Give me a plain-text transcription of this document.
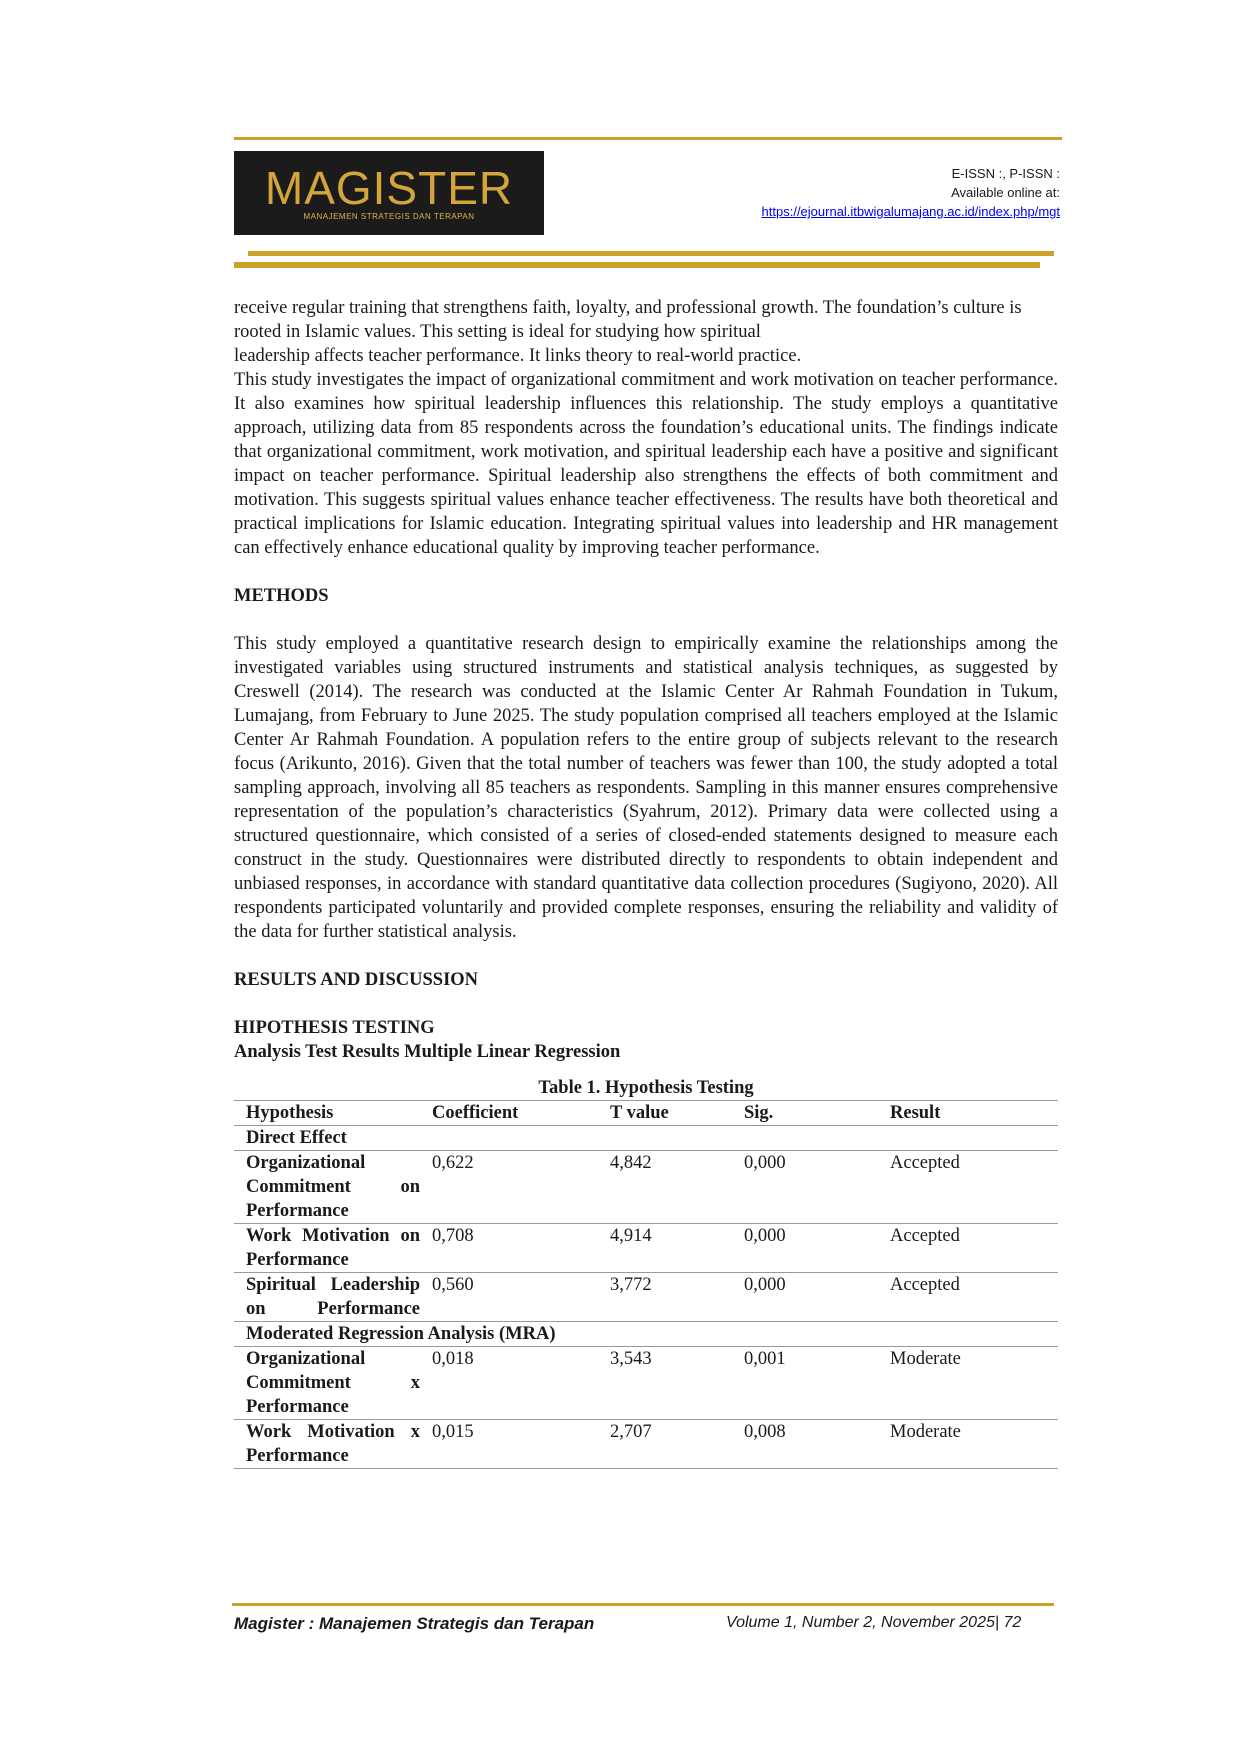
MAGISTER
MANAJEMEN STRATEGIS DAN TERAPAN
E-ISSN :, P-ISSN :
Available online at:
https://ejournal.itbwigalumajang.ac.id/index.php/mgt

receive regular training that strengthens faith, loyalty, and professional growth. The foundation’s culture is rooted in Islamic values. This setting is ideal for studying how spiritual

leadership affects teacher performance. It links theory to real-world practice.

This study investigates the impact of organizational commitment and work motivation on teacher performance. It also examines how spiritual leadership influences this relationship. The study employs a quantitative approach, utilizing data from 85 respondents across the foundation’s educational units. The findings indicate that organizational commitment, work motivation, and spiritual leadership each have a positive and significant impact on teacher performance. Spiritual leadership also strengthens the effects of both commitment and motivation. This suggests spiritual values enhance teacher effectiveness. The results have both theoretical and practical implications for Islamic education. Integrating spiritual values into leadership and HR management can effectively enhance educational quality by improving teacher performance.

METHODS

This study employed a quantitative research design to empirically examine the relationships among the investigated variables using structured instruments and statistical analysis techniques, as suggested by Creswell (2014). The research was conducted at the Islamic Center Ar Rahmah Foundation in Tukum, Lumajang, from February to June 2025. The study population comprised all teachers employed at the Islamic Center Ar Rahmah Foundation. A population refers to the entire group of subjects relevant to the research focus (Arikunto, 2016). Given that the total number of teachers was fewer than 100, the study adopted a total sampling approach, involving all 85 teachers as respondents. Sampling in this manner ensures comprehensive representation of the population’s characteristics (Syahrum, 2012). Primary data were collected using a structured questionnaire, which consisted of a series of closed-ended statements designed to measure each construct in the study. Questionnaires were distributed directly to respondents to obtain independent and unbiased responses, in accordance with standard quantitative data collection procedures (Sugiyono, 2020). All respondents participated voluntarily and provided complete responses, ensuring the reliability and validity of the data for further statistical analysis.

RESULTS AND DISCUSSION

HIPOTHESIS TESTING

Analysis Test Results Multiple Linear Regression

Table 1. Hypothesis Testing
Hypothesis	Coefficient	T value	Sig.	Result
Direct Effect				
Organizational Commitment on Performance	0,622	4,842	0,000	Accepted
Work Motivation on Performance	0,708	4,914	0,000	Accepted
Spiritual Leadership on Performance	0,560	3,772	0,000	Accepted
Moderated Regression Analysis (MRA)				
Organizational Commitment x Performance	0,018	3,543	0,001	Moderate
Work Motivation x Performance	0,015	2,707	0,008	Moderate
Magister : Manajemen Strategis dan Terapan	Volume 1, Number 2, November 2025| 72
